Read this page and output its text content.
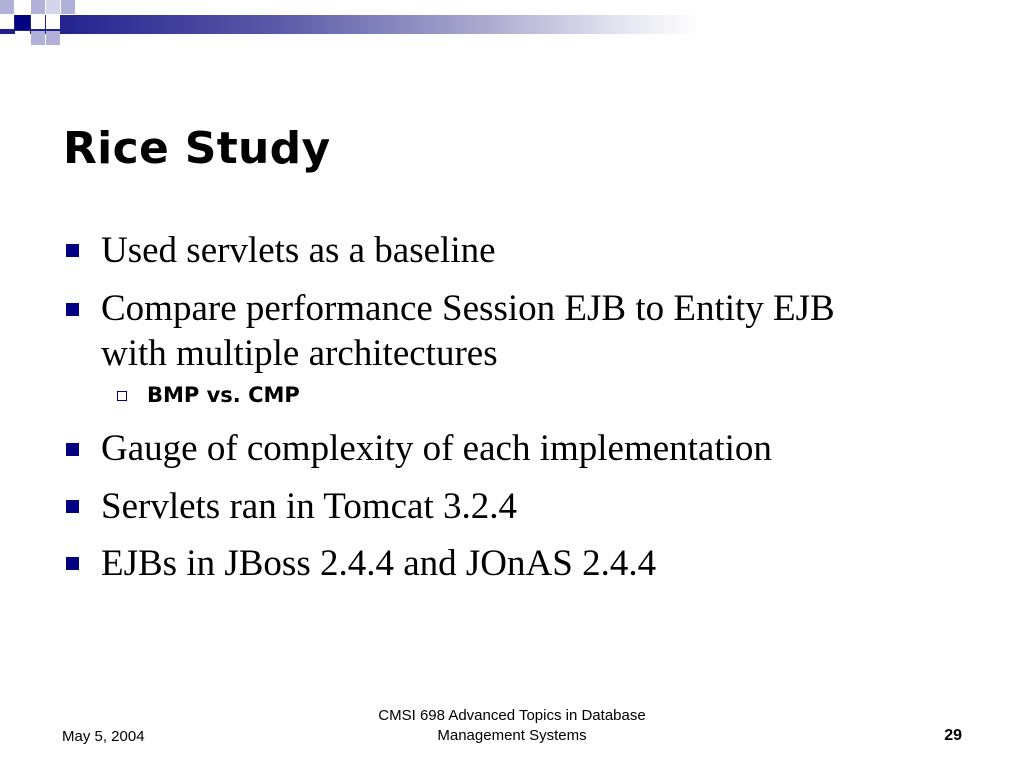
Rice Study
Used servlets as a baseline
Compare performance Session EJB to Entity EJB
with multiple architectures
BMP vs. CMP
Gauge of complexity of each implementation
Servlets ran in Tomcat 3.2.4
EJBs in JBoss 2.4.4 and JOnAS 2.4.4
May 5, 2004
CMSI 698 Advanced Topics in Database
Management Systems	29
